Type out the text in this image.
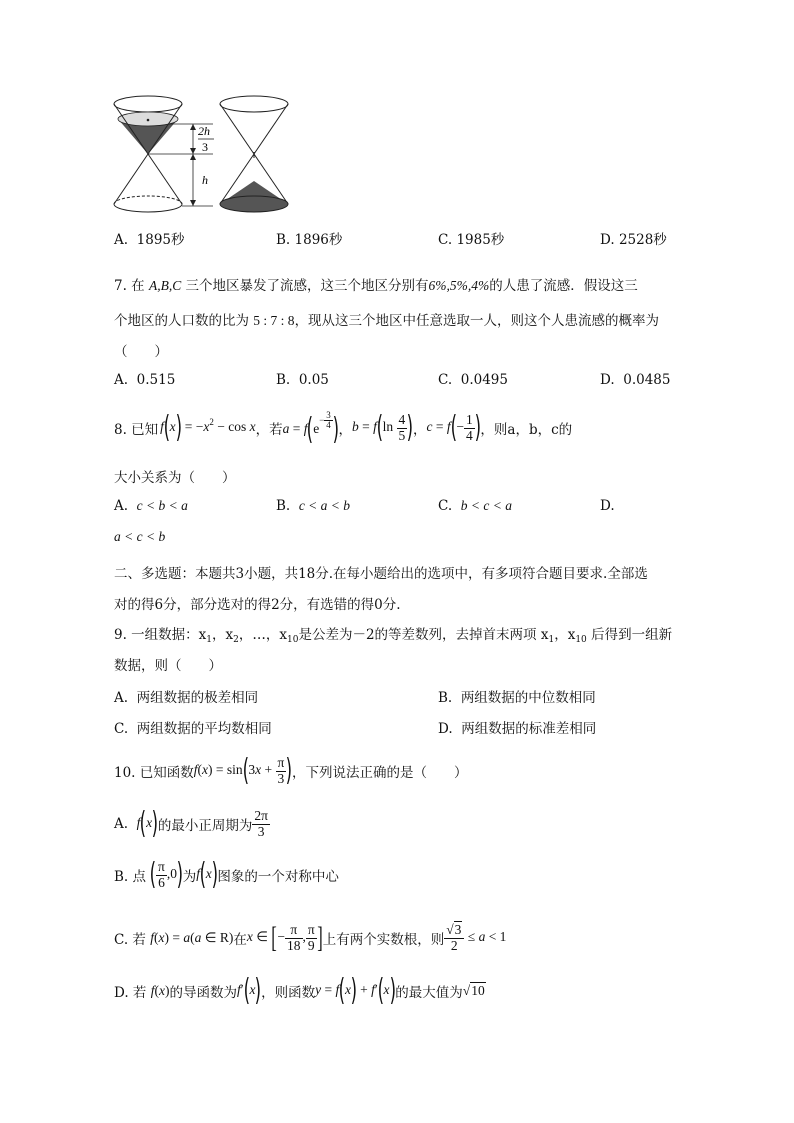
2h
3
h
A. 1895秒	B. 1896秒	C. 1985秒	D. 2528秒
7. 在 A,B,C 三个地区暴发了流感，这三个地区分别有6%,5%,4%的人患了流感．假设这三
个地区的人口数的比为 5 : 7 : 8，现从这三个地区中任意选取一人，则这个人患流感的概率为
（　　）
A. 0.515	B. 0.05	C. 0.0495	D. 0.0485
8. 已知 $f(x) = -x^2 - \cos x$ ，若 $a = f(e- \frac{3}{4}$ ) ， $b = f(\ln \frac{4}{5}$ ) ， $c = f(- \frac{1}{4}$ ) ，则a，b，c的
大小关系为（　　）
A. c < b < a	B. c < a < b	C. b < c < a	D.
a < c < b
二、多选题：本题共3小题，共18分.在每小题给出的选项中，有多项符合题目要求.全部选
对的得6分，部分选对的得2分，有选错的得0分.
9. 一组数据：$x_1$，$x_2$，…，$x_{10}$是公差为－2的等差数列，去掉首末两项 $x_1$，$x_{10}$ 后得到一组新
数据，则（　　）
A. 两组数据的极差相同	B. 两组数据的中位数相同
C. 两组数据的平均数相同	D. 两组数据的标准差相同
10. 已知函数 $f(x) = \sin(3x + \frac{\pi}{3}$ ) ，下列说法正确的是（　　）
A.
f(x) 的最小正周期为 $\frac{2\pi}{3}$
B. 点
( $\frac{\pi}{6} ,0$) 为 f(x) 图象的一个对称中心
C. 若
f(x) = a(a ∈ R) 在 x ∈ [− $\frac{\pi}{18}$ , $\frac{\pi}{9}$ ] 上有两个实数根，则 $\frac{√3}{2} \le a < 1$
D. 若
f(x) 的导函数为 f′(x) ，则函数 y = f(x) + f′(x) 的最大值为 √10
